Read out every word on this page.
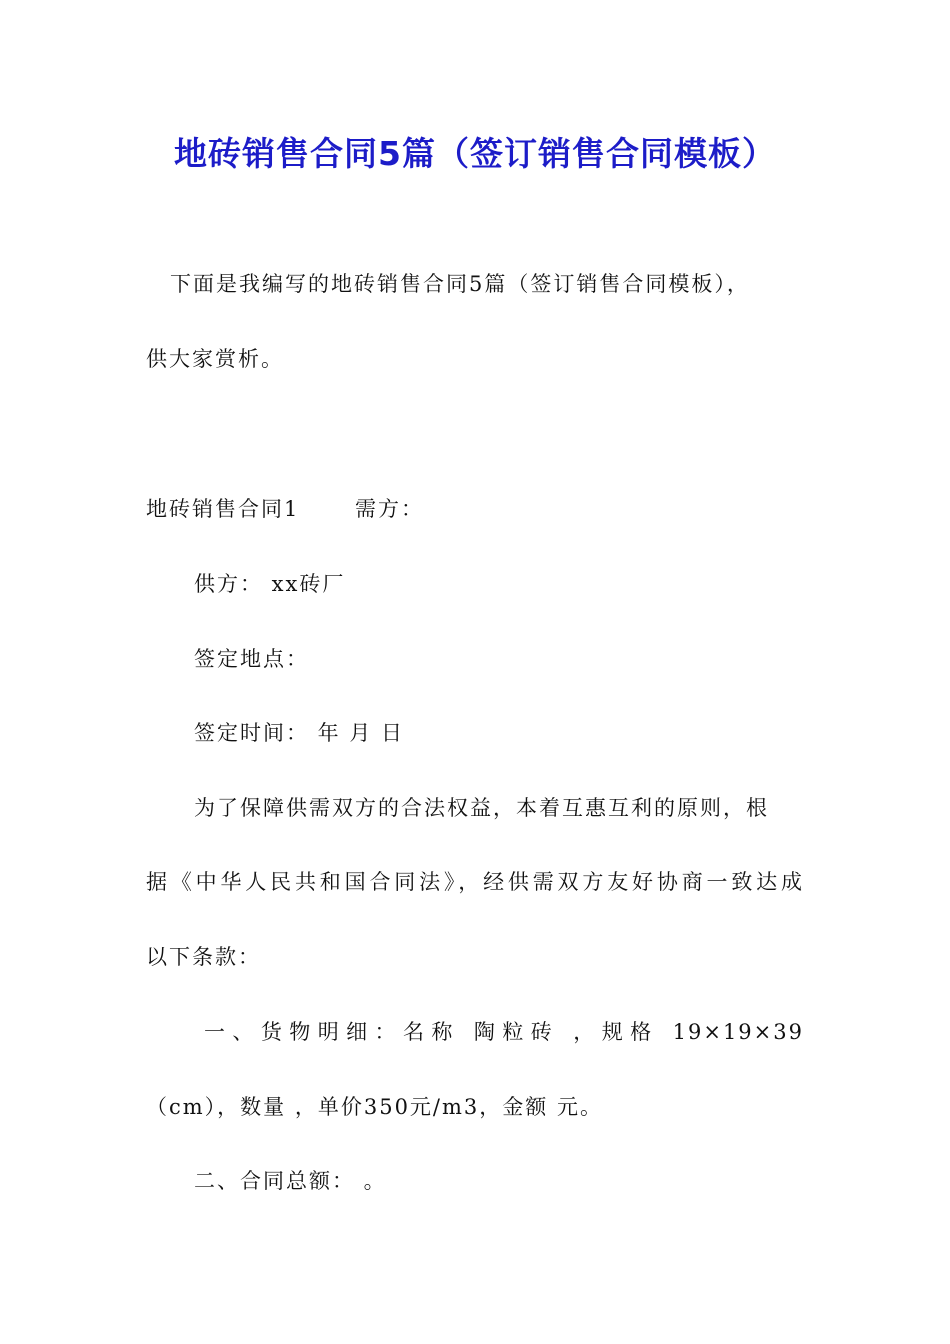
地砖销售合同5篇（签订销售合同模板）
下面是我编写的地砖销售合同5篇（签订销售合同模板），
供大家赏析。
地砖销售合同1	需方：
供方： xx砖厂
签定地点：
签定时间： 年 月 日
为了保障供需双方的合法权益，本着互惠互利的原则，根
据《中华人民共和国合同法》，经供需双方友好协商一致达成
以下条款：
一、货物明细：名称 陶粒砖 ，规格 19×19×39
（cm），数量 ，单价350元/m3，金额 元。
二、合同总额： 。
